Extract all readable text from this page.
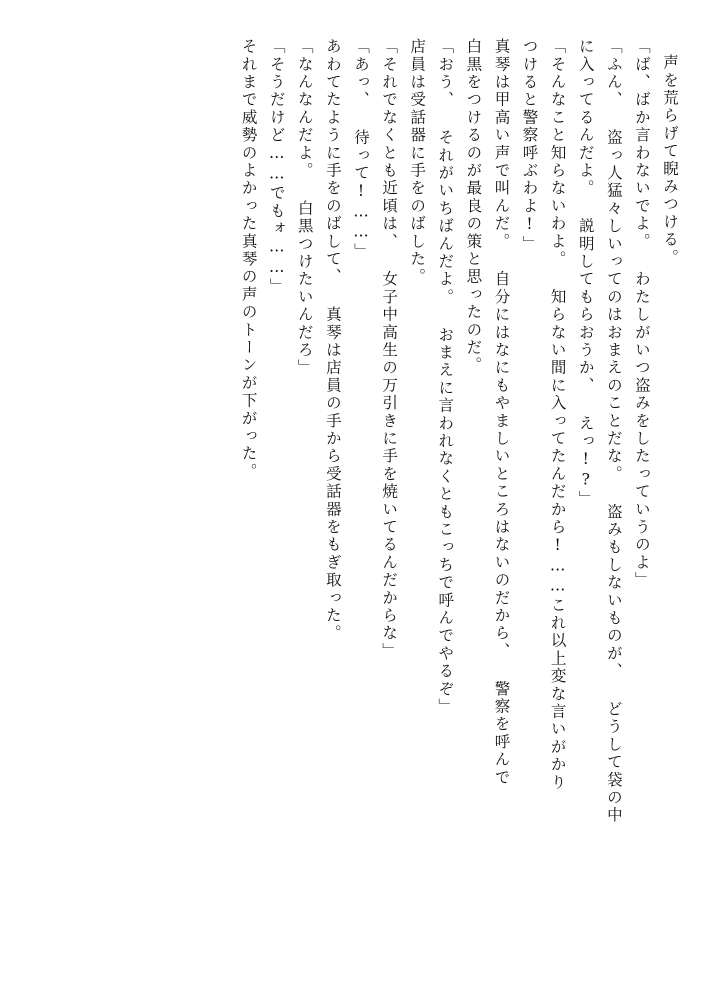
声を荒らげて睨みつける。
「ば、ばか言わないでよ。 わたしがいつ盗みをしたっていうのよ」
「ふん、 盗っ人猛々しいってのはおまえのことだな。 盗みもしないものが、 どうして袋の中
に入ってるんだよ。 説明してもらおうか、 えっ!?」
「そんなこと知らないわよ。 知らない間に入ってたんだから!……これ以上変な言いがかり
つけると警察呼ぶわよ!」
真琴は甲高い声で叫んだ。 自分にはなにもやましいところはないのだから、 警察を呼んで
白黒をつけるのが最良の策と思ったのだ。
「おう、 それがいちばんだよ。 おまえに言われなくともこっちで呼んでやるぞ」
店員は受話器に手をのばした。
「それでなくとも近頃は、 女子中高生の万引きに手を焼いてるんだからな」
「あっ、 待って!……」
あわてたように手をのばして、 真琴は店員の手から受話器をもぎ取った。
「なんなんだよ。 白黒つけたいんだろ」
「そうだけど……でもォ……」
それまで威勢のよかった真琴の声のトーンが下がった。
